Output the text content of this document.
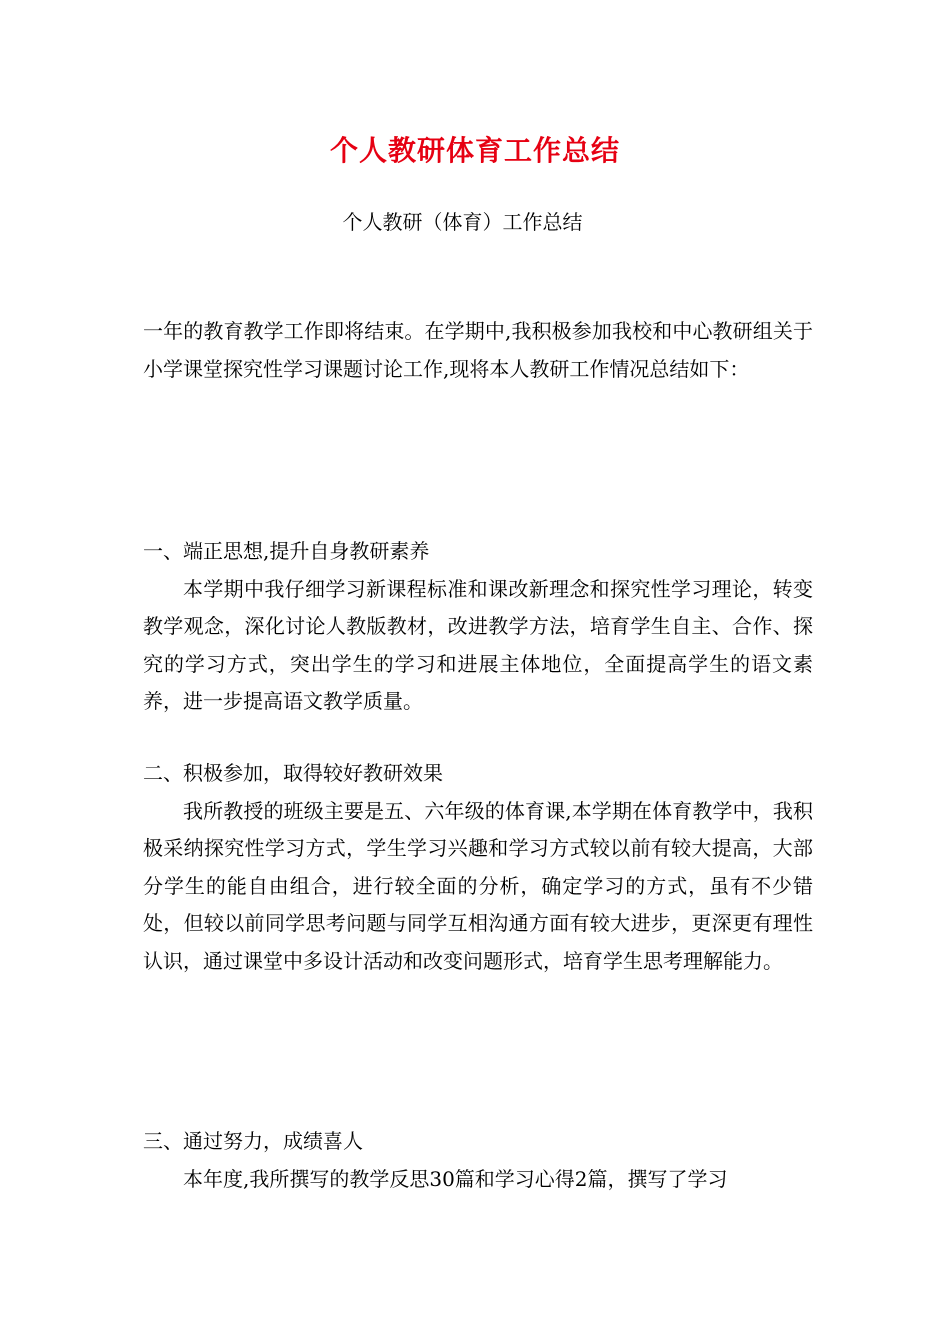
个人教研体育工作总结
个人教研（体育）工作总结

一年的教育教学工作即将结束。在学期中,我积极参加我校和中心教研组关于小学课堂探究性学习课题讨论工作,现将本人教研工作情况总结如下：

一、端正思想,提升自身教研素养

本学期中我仔细学习新课程标准和课改新理念和探究性学习理论，转变教学观念，深化讨论人教版教材，改进教学方法，培育学生自主、合作、探究的学习方式，突出学生的学习和进展主体地位，全面提高学生的语文素养，进一步提高语文教学质量。

二、积极参加，取得较好教研效果

我所教授的班级主要是五、六年级的体育课,本学期在体育教学中，我积极采纳探究性学习方式，学生学习兴趣和学习方式较以前有较大提高，大部分学生的能自由组合，进行较全面的分析，确定学习的方式，虽有不少错处，但较以前同学思考问题与同学互相沟通方面有较大进步，更深更有理性认识，通过课堂中多设计活动和改变问题形式，培育学生思考理解能力。

三、通过努力，成绩喜人

本年度,我所撰写的教学反思30篇和学习心得2篇，撰写了学习
